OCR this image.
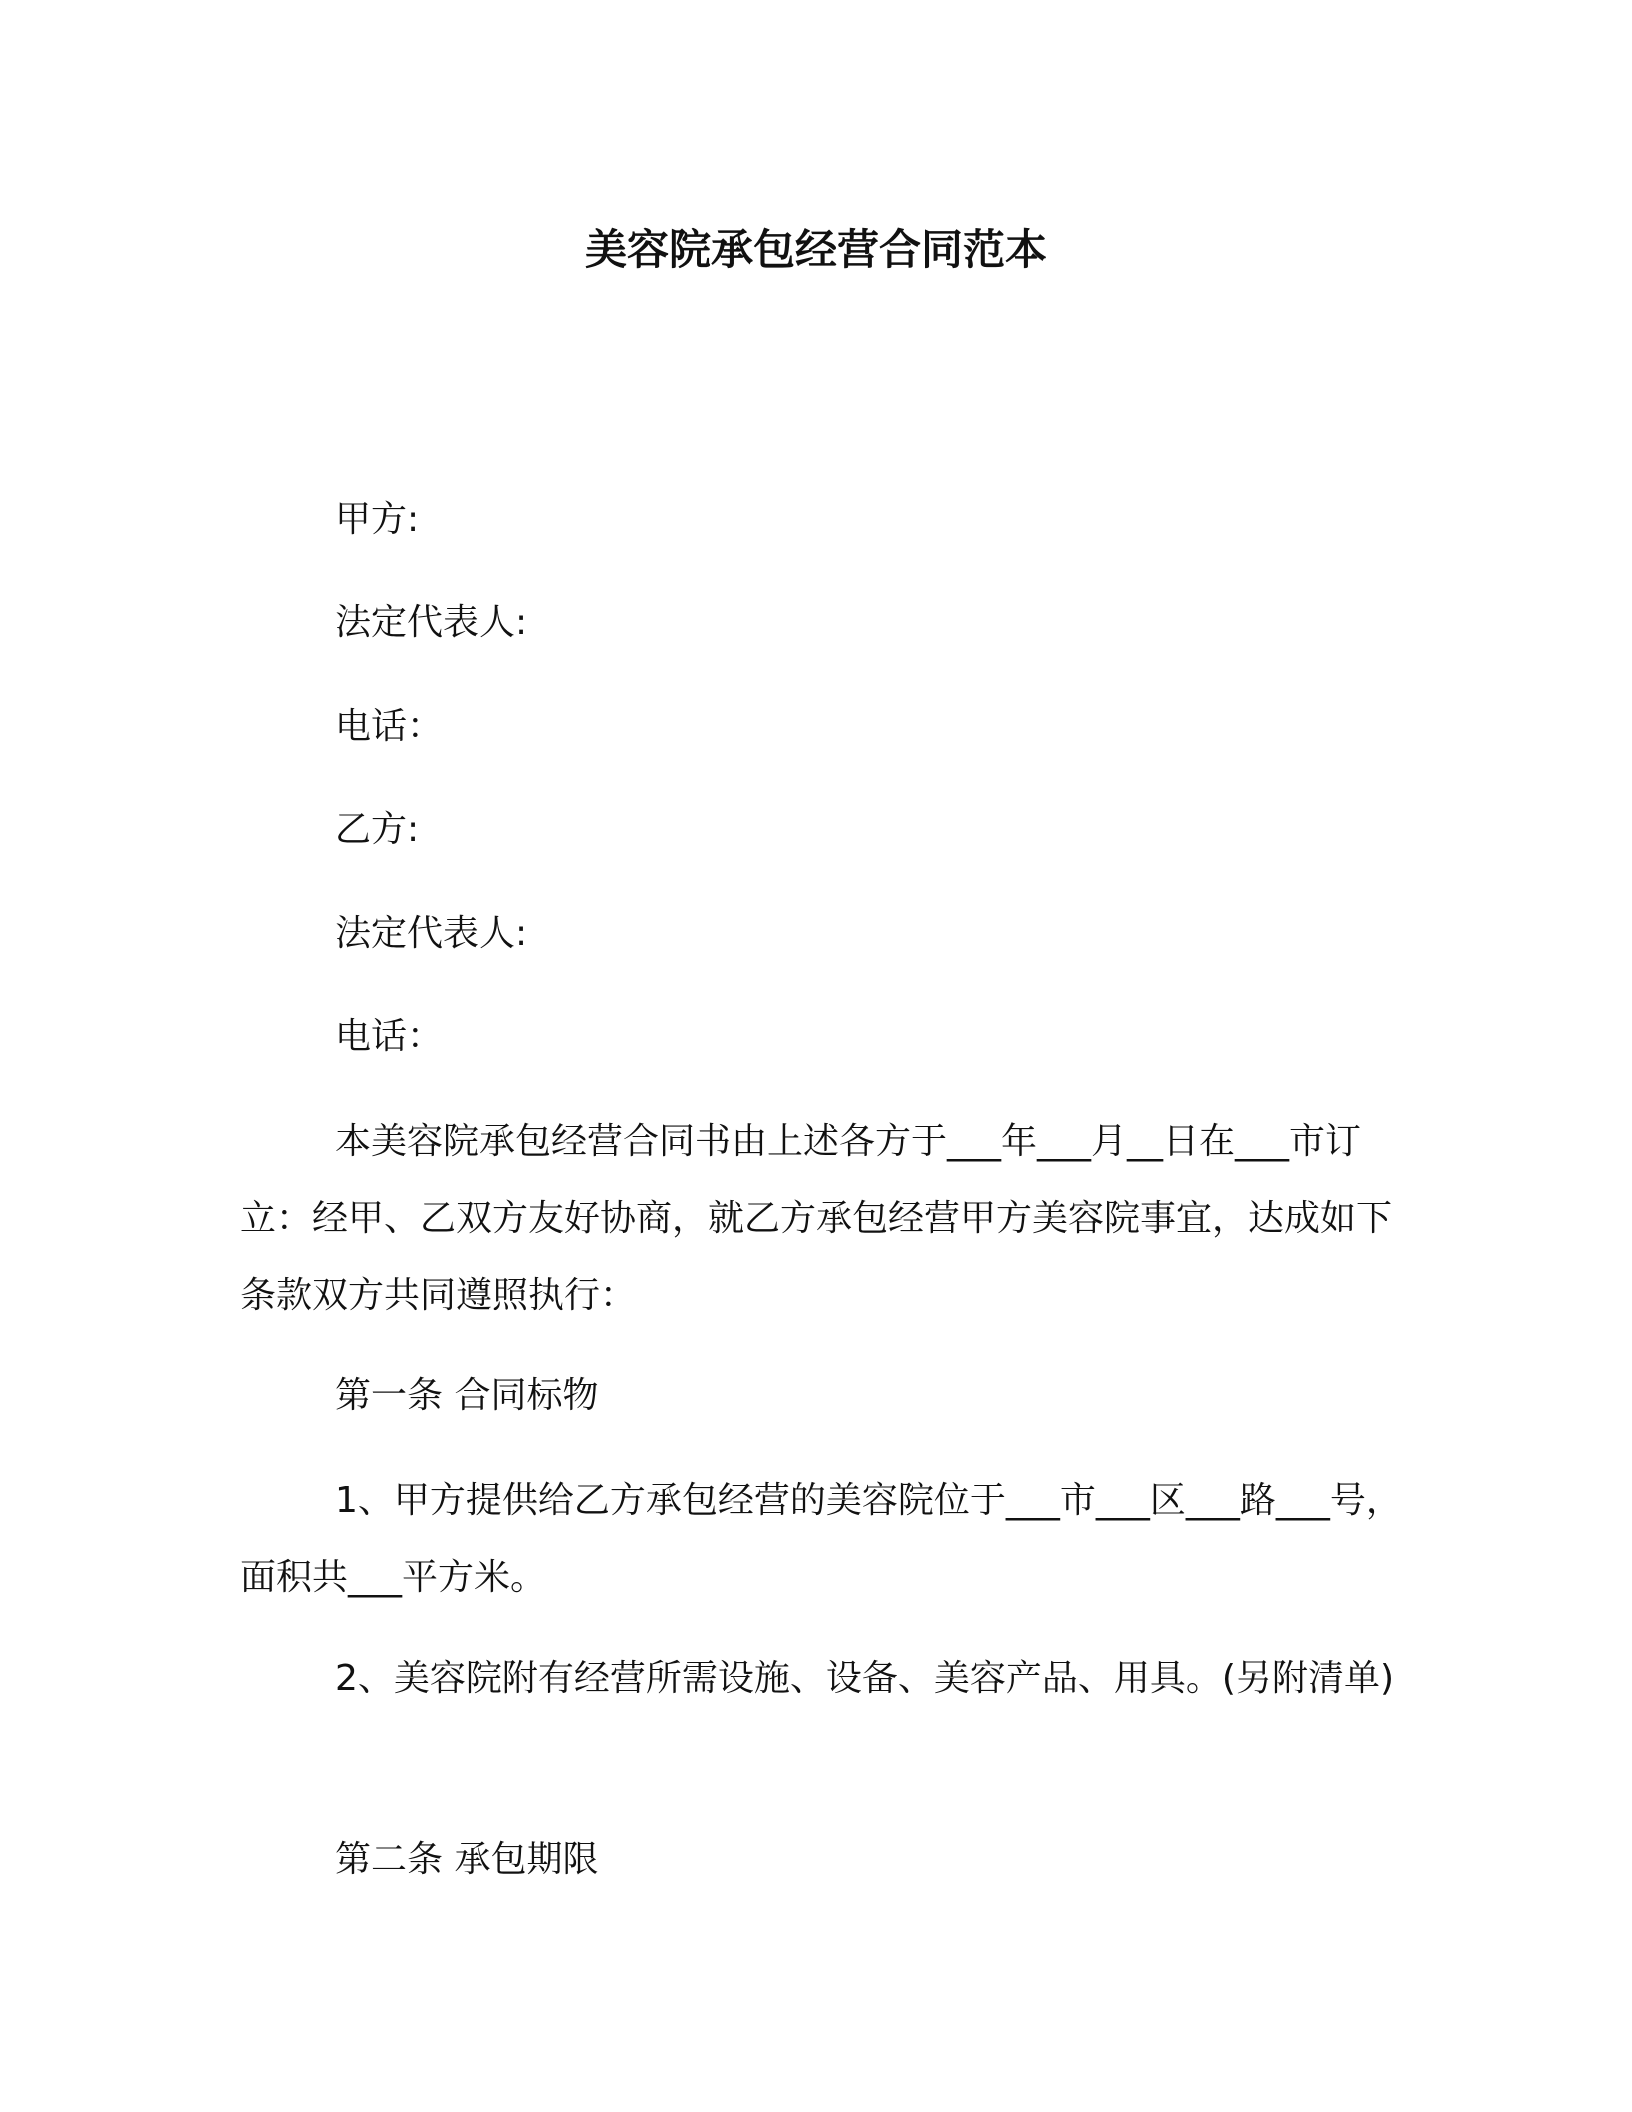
美容院承包经营合同范本
甲方:
法定代表人:
电话：
乙方:
法定代表人:
电话：

本美容院承包经营合同书由上述各方于___年___月__日在___市订立：经甲、乙双方友好协商，就乙方承包经营甲方美容院事宜，达成如下条款双方共同遵照执行：

第一条 合同标物

1、甲方提供给乙方承包经营的美容院位于___市___区___路___号，面积共___平方米。

2、美容院附有经营所需设施、设备、美容产品、用具。(另附清单)

第二条 承包期限
